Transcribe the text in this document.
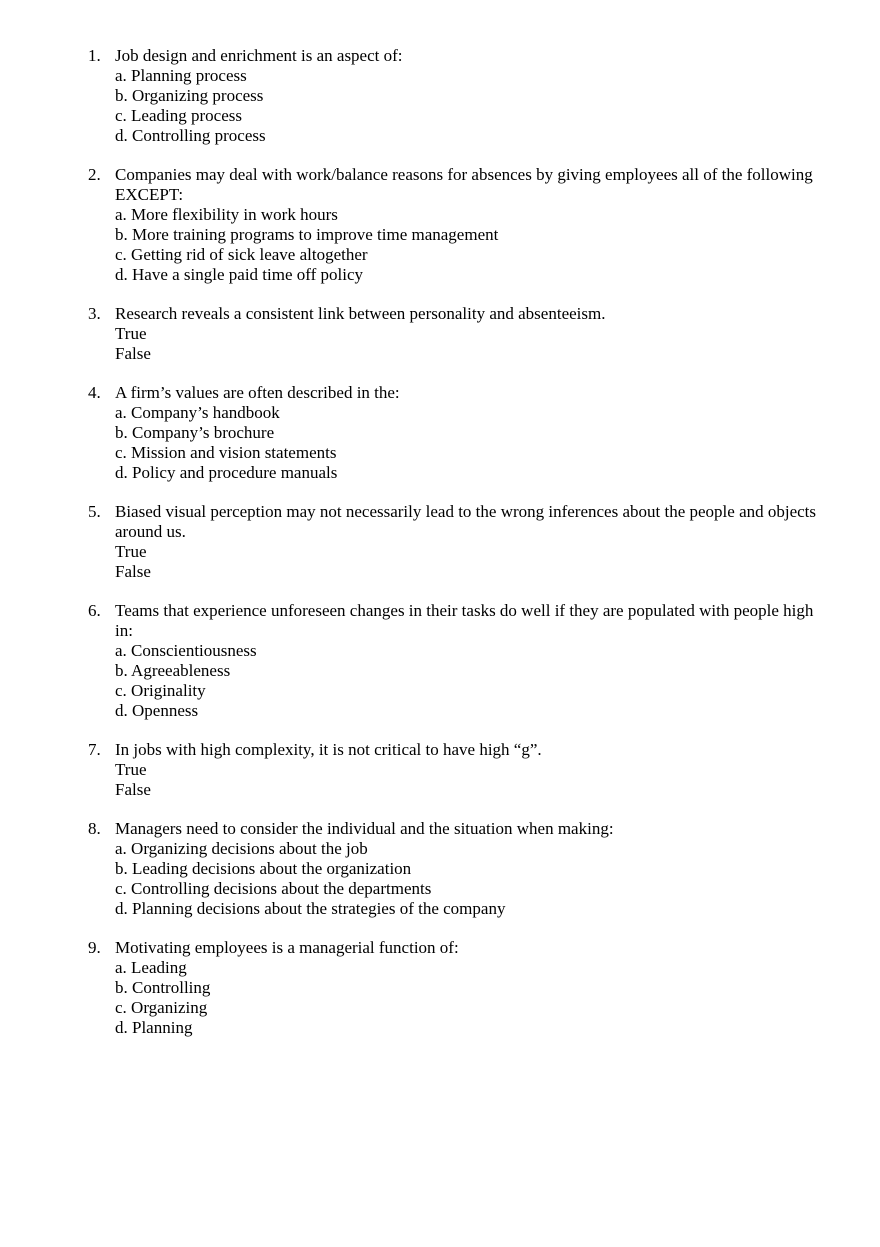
1. Job design and enrichment is an aspect of:
a. Planning process
b. Organizing process
c. Leading process
d. Controlling process
2. Companies may deal with work/balance reasons for absences by giving employees all of the following EXCEPT:
a. More flexibility in work hours
b. More training programs to improve time management
c. Getting rid of sick leave altogether
d. Have a single paid time off policy
3. Research reveals a consistent link between personality and absenteeism.
True
False
4. A firm’s values are often described in the:
a. Company’s handbook
b. Company’s brochure
c. Mission and vision statements
d. Policy and procedure manuals
5. Biased visual perception may not necessarily lead to the wrong inferences about the people and objects around us.
True
False
6. Teams that experience unforeseen changes in their tasks do well if they are populated with people high in:
a. Conscientiousness
b. Agreeableness
c. Originality
d. Openness
7. In jobs with high complexity, it is not critical to have high “g”.
True
False
8. Managers need to consider the individual and the situation when making:
a. Organizing decisions about the job
b. Leading decisions about the organization
c. Controlling decisions about the departments
d. Planning decisions about the strategies of the company
9. Motivating employees is a managerial function of:
a. Leading
b. Controlling
c. Organizing
d. Planning
